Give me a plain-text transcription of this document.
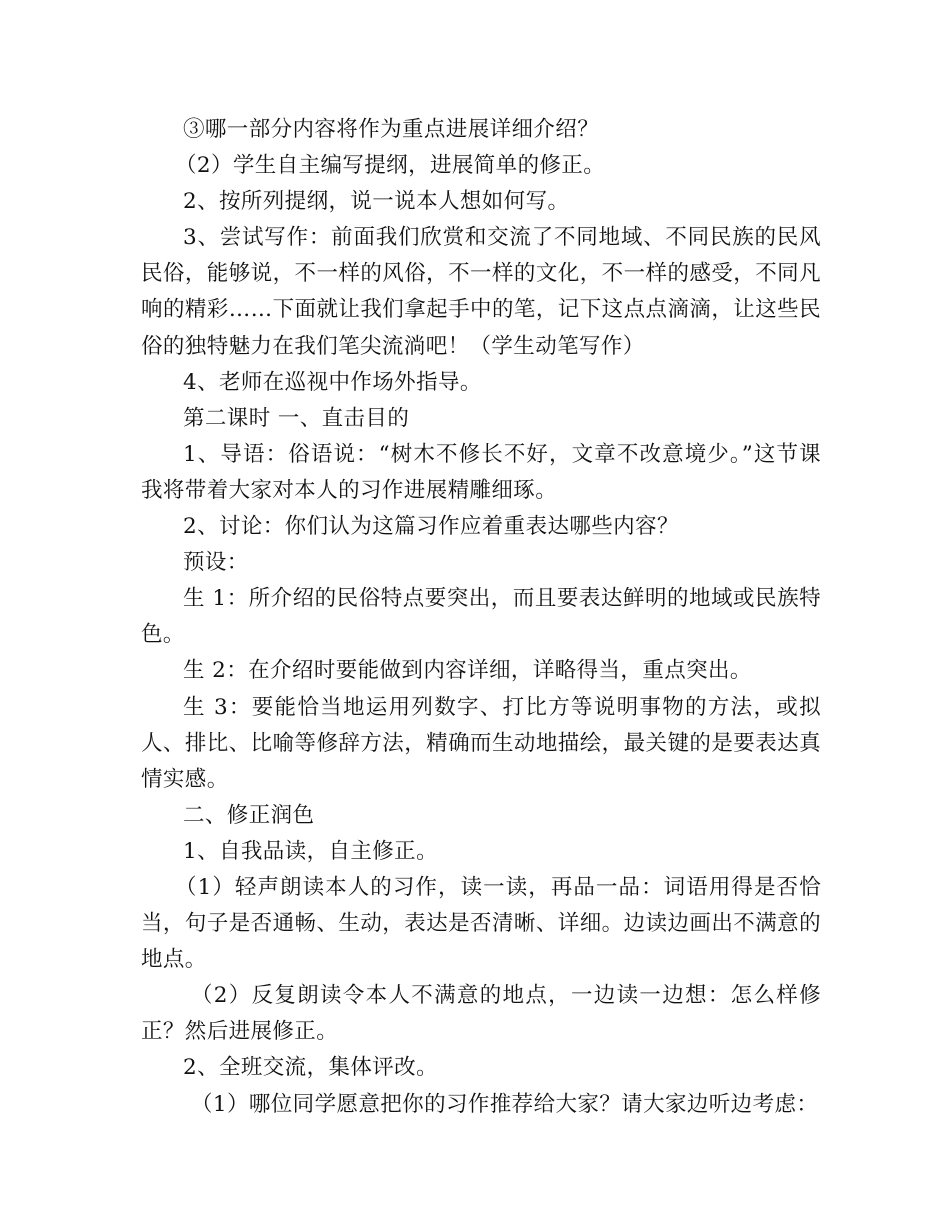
③哪一部分内容将作为重点进展详细介绍？

（2）学生自主编写提纲，进展简单的修正。

2、按所列提纲，说一说本人想如何写。

3、尝试写作：前面我们欣赏和交流了不同地域、不同民族的民风民俗，能够说，不一样的风俗，不一样的文化，不一样的感受，不同凡响的精彩……下面就让我们拿起手中的笔，记下这点点滴滴，让这些民俗的独特魅力在我们笔尖流淌吧！（学生动笔写作）

4、老师在巡视中作场外指导。

第二课时 一、直击目的

1、导语：俗语说：“树木不修长不好，文章不改意境少。”这节课我将带着大家对本人的习作进展精雕细琢。

2、讨论：你们认为这篇习作应着重表达哪些内容？

预设：

生 1：所介绍的民俗特点要突出，而且要表达鲜明的地域或民族特色。

生 2：在介绍时要能做到内容详细，详略得当，重点突出。

生 3：要能恰当地运用列数字、打比方等说明事物的方法，或拟人、排比、比喻等修辞方法，精确而生动地描绘，最关键的是要表达真情实感。

二、修正润色

1、自我品读，自主修正。

（1）轻声朗读本人的习作，读一读，再品一品：词语用得是否恰当，句子是否通畅、生动，表达是否清晰、详细。边读边画出不满意的地点。

（2）反复朗读令本人不满意的地点，一边读一边想：怎么样修正？然后进展修正。

2、全班交流，集体评改。

（1）哪位同学愿意把你的习作推荐给大家？请大家边听边考虑：
